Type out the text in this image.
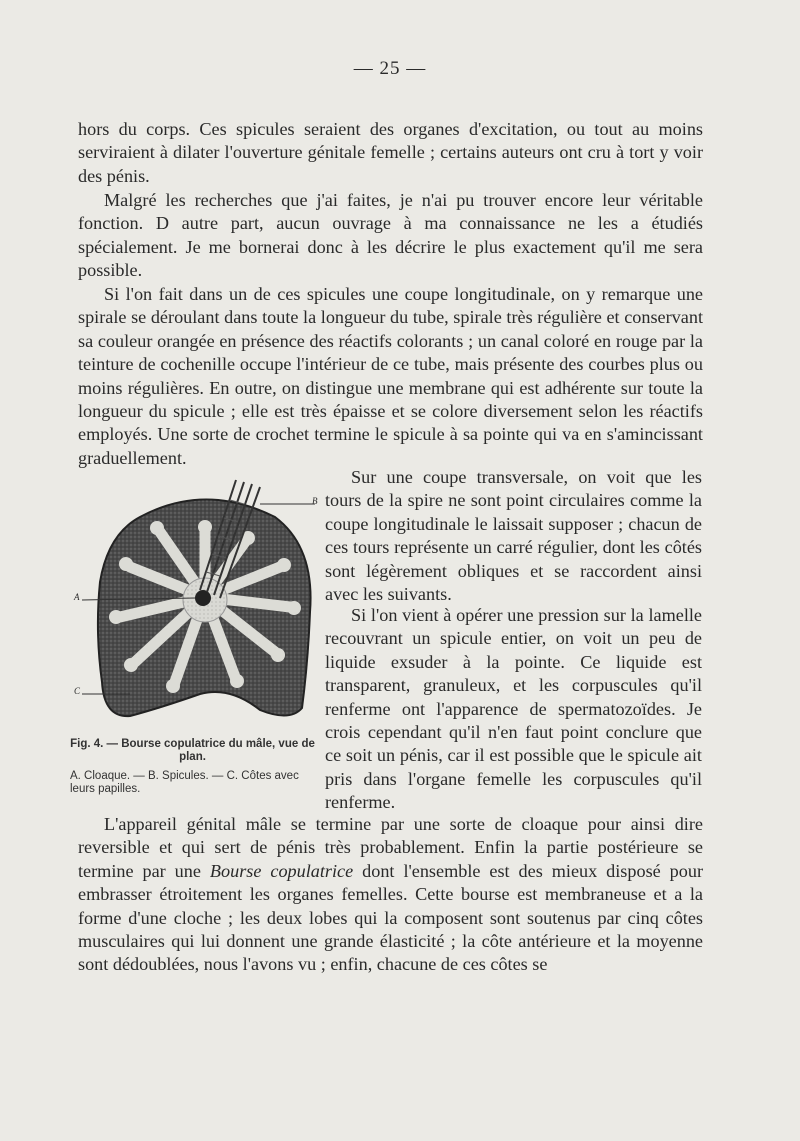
— 25 —

hors du corps. Ces spicules seraient des organes d'excitation, ou tout au moins serviraient à dilater l'ouverture génitale femelle ; certains auteurs ont cru à tort y voir des pénis.

Malgré les recherches que j'ai faites, je n'ai pu trouver encore leur véritable fonction. D autre part, aucun ouvrage à ma connaissance ne les a étudiés spécialement. Je me bornerai donc à les décrire le plus exactement qu'il me sera possible.

Si l'on fait dans un de ces spicules une coupe longitudinale, on y remarque une spirale se déroulant dans toute la longueur du tube, spirale très régulière et conservant sa couleur orangée en présence des réactifs colorants ; un canal coloré en rouge par la teinture de cochenille occupe l'intérieur de ce tube, mais présente des courbes plus ou moins régulières. En outre, on distingue une membrane qui est adhérente sur toute la longueur du spicule ; elle est très épaisse et se colore diversement selon les réactifs employés. Une sorte de crochet termine le spicule à sa pointe qui va en s'amincissant graduellement.

Sur une coupe transversale, on voit que les tours de la spire ne sont point circulaires comme la coupe longitudinale le laissait supposer ; chacun de ces tours représente un carré régulier, dont les côtés sont légèrement obliques et se raccordent ainsi avec les suivants.

Si l'on vient à opérer une pression sur la lamelle recouvrant un spicule entier, on voit un peu de liquide exsuder à la pointe. Ce liquide est transparent, granuleux, et les corpuscules qu'il renferme ont l'apparence de spermatozoïdes. Je crois cependant qu'il n'en faut point conclure que ce soit un pénis, car il est possible que le spicule ait pris dans l'organe femelle les corpuscules qu'il renferme.

L'appareil génital mâle se termine par une sorte de cloaque pour ainsi dire reversible et qui sert de pénis très probablement. Enfin la partie postérieure se termine par une Bourse copulatrice dont l'ensemble est des mieux disposé pour embrasser étroitement les organes femelles. Cette bourse est membraneuse et a la forme d'une cloche ; les deux lobes qui la composent sont soutenus par cinq côtes musculaires qui lui donnent une grande élasticité ; la côte antérieure et la moyenne sont dédoublées, nous l'avons vu ; enfin, chacune de ces côtes se

B
A
C
Fig. 4. — Bourse copulatrice du mâle, vue de plan.
A. Cloaque. — B. Spicules. — C. Côtes avec leurs papilles.
